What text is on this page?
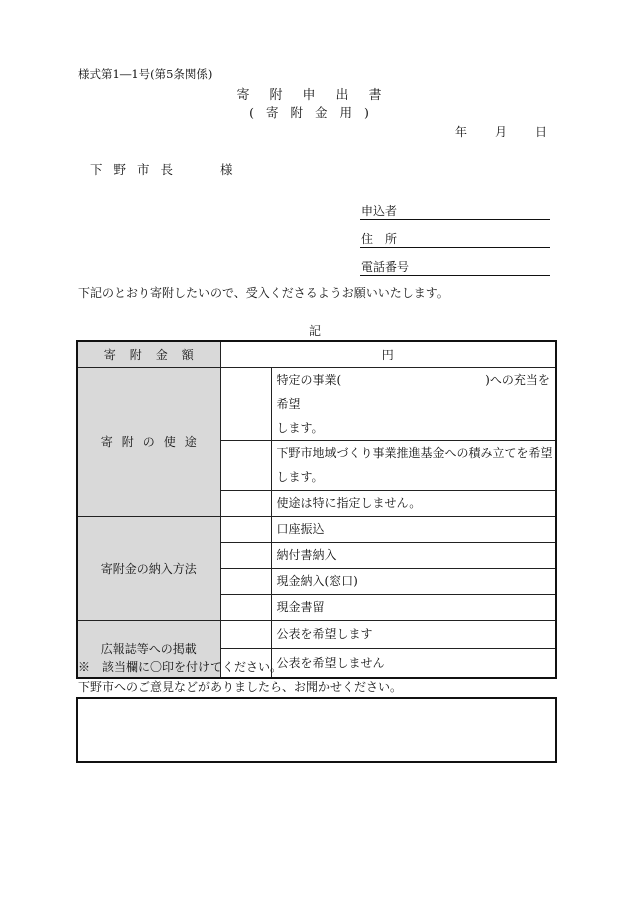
様式第1―1号(第5条関係)
寄附申出書
(寄附金用)
年 月 日
下野市長	様
申込者
住　所
電話番号
下記のとおり寄附したいので、受入くださるようお願いいたします。
記
寄附金額	円	
寄附の使途		特定の事業(　　　　　　　　　　　　)への充当を希望
します。
		下野市地域づくり事業推進基金への積み立てを希望
します。
		使途は特に指定しません。
寄附金の納入方法		口座振込
		納付書納入
		現金納入(窓口)
		現金書留
広報誌等への掲載		公表を希望します
		公表を希望しません
※　該当欄に〇印を付けてください。
下野市へのご意見などがありましたら、お聞かせください。
